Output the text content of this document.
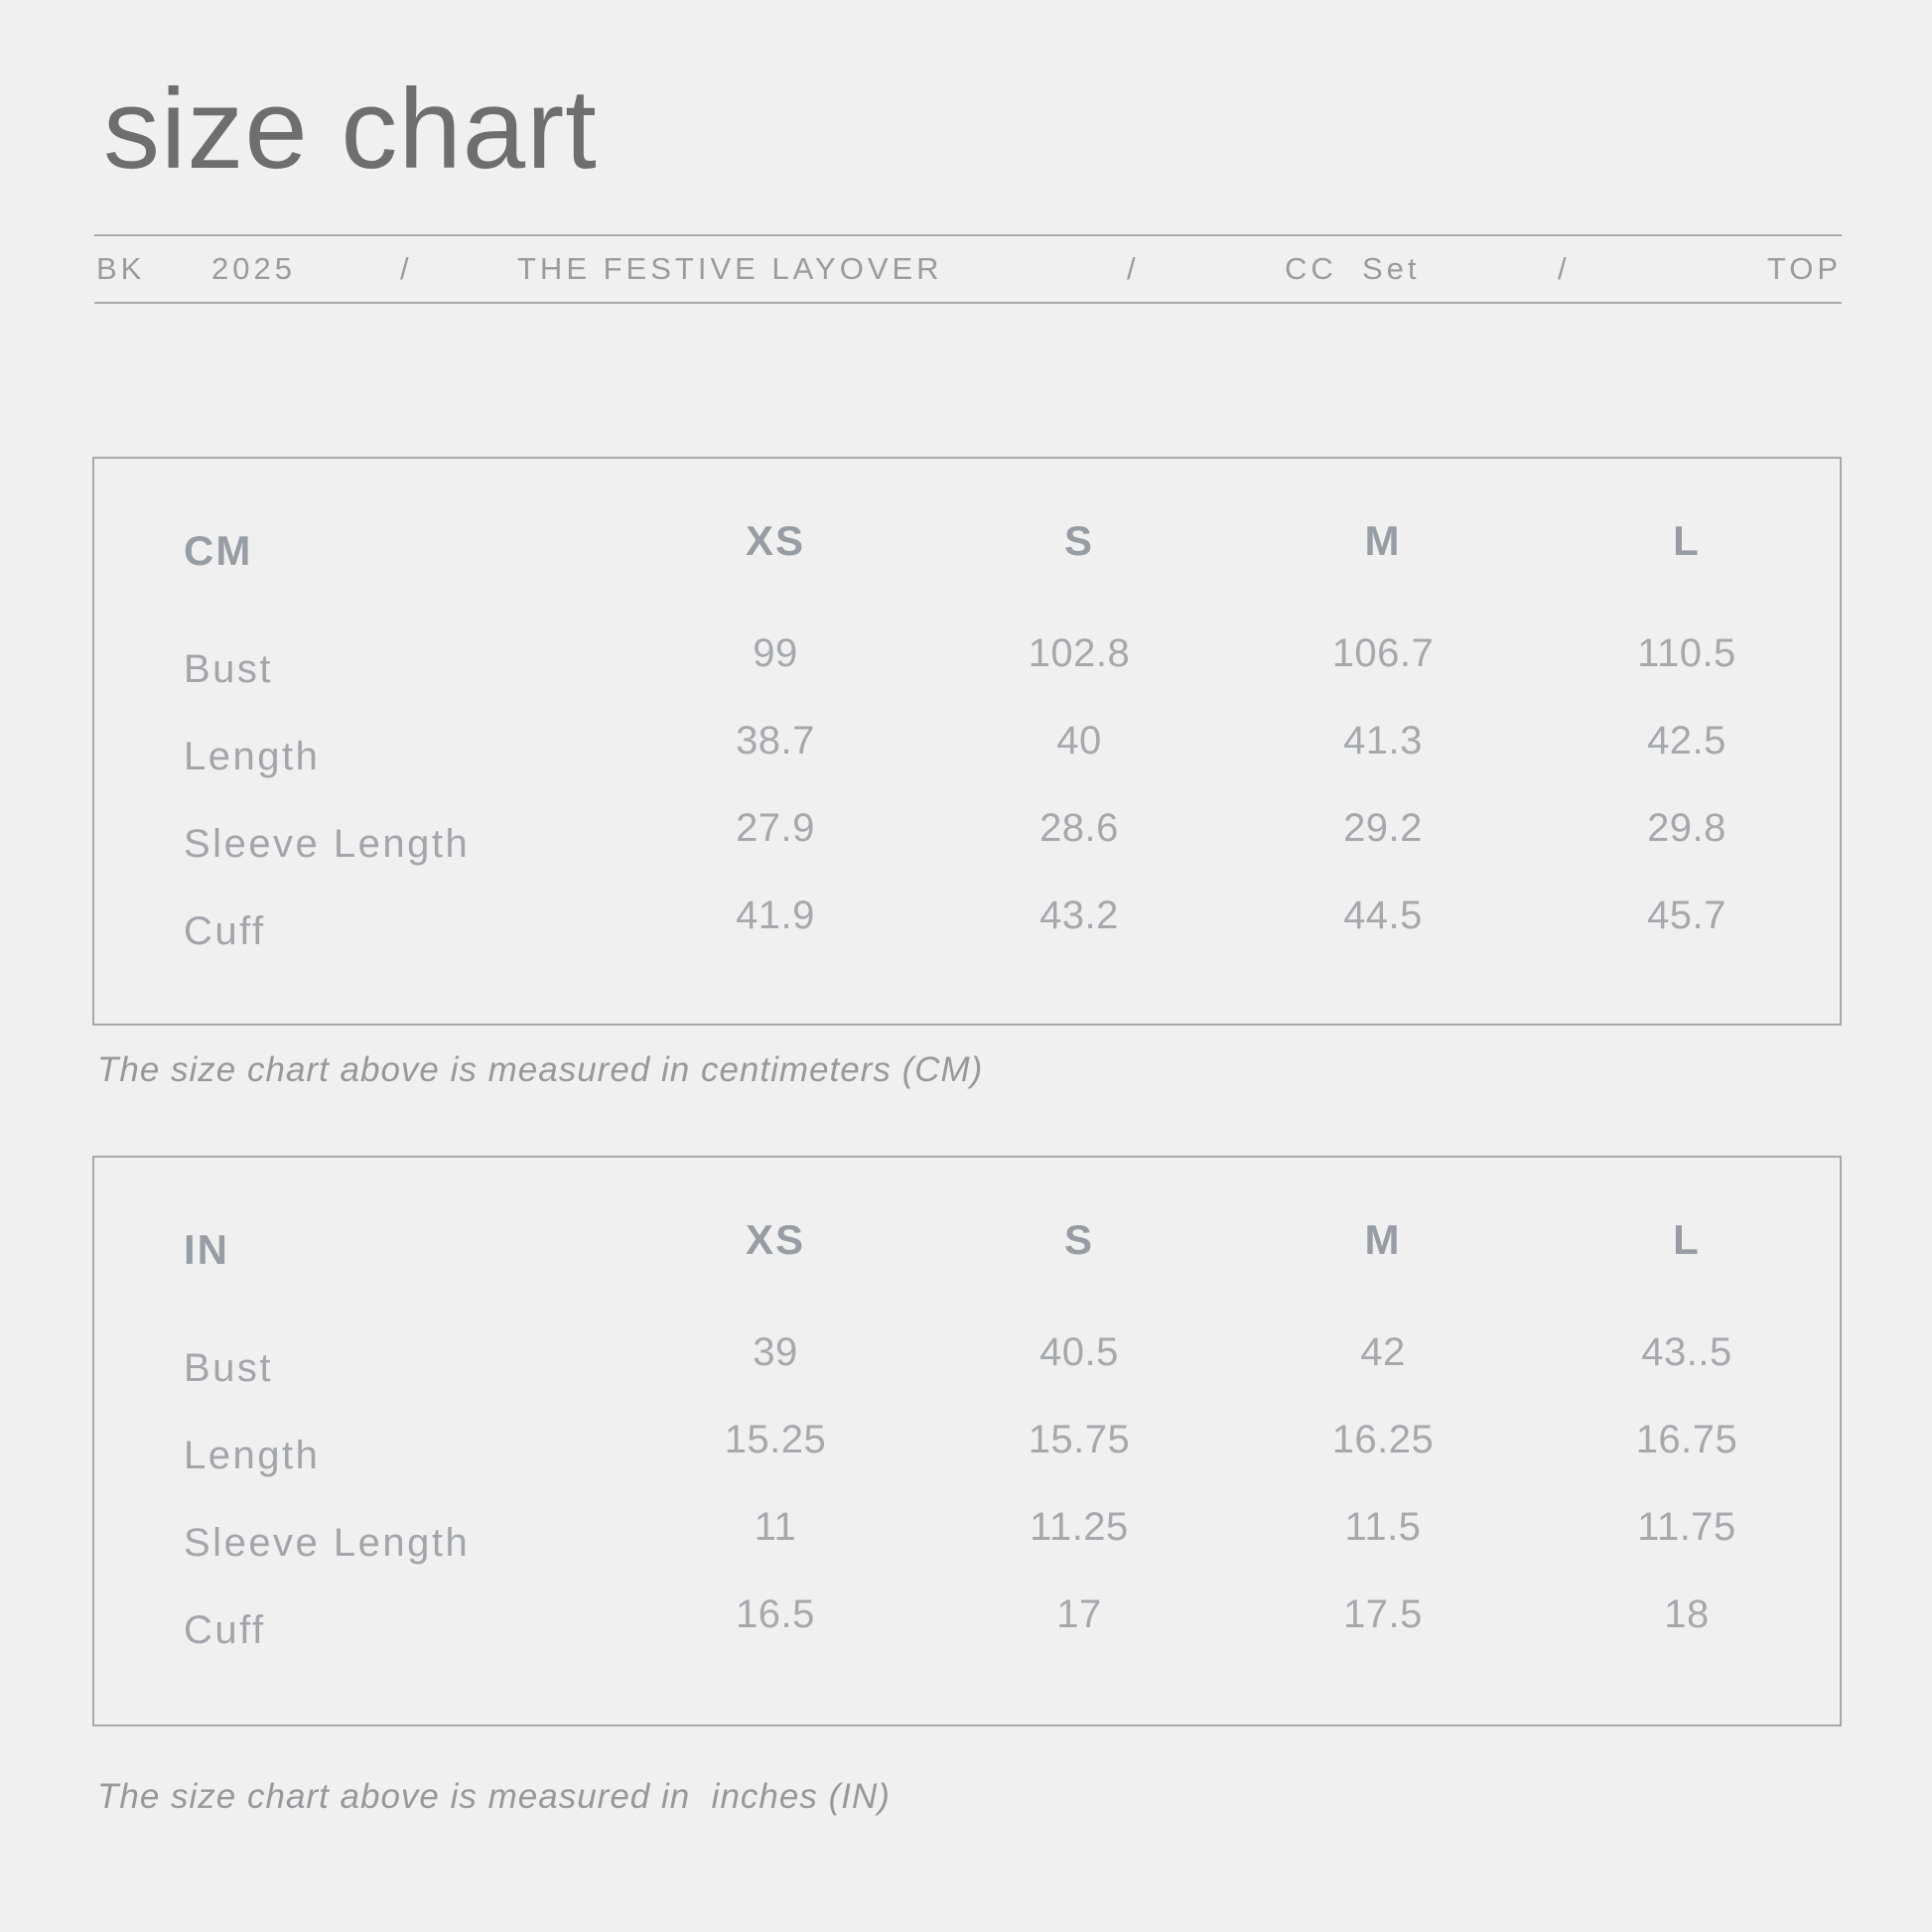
size chart
BK 2025	/	THE FESTIVE LAYOVER	/	CC  Set	/	TOP
CM	XS	S	M	L
Bust	99	102.8	106.7	110.5
Length	38.7	40	41.3	42.5
Sleeve Length	27.9	28.6	29.2	29.8
Cuff	41.9	43.2	44.5	45.7

The size chart above is measured in centimeters (CM)

IN	XS	S	M	L
Bust	39	40.5	42	43..5
Length	15.25	15.75	16.25	16.75
Sleeve Length	11	11.25	11.5	11.75
Cuff	16.5	17	17.5	18

The size chart above is measured in  inches (IN)
